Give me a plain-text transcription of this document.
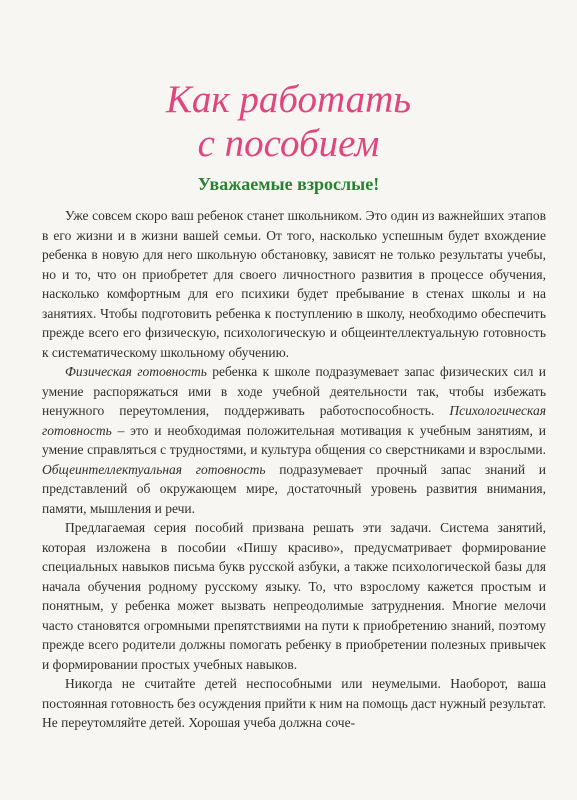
Как работать
с пособием
Уважаемые взрослые!

Уже совсем скоро ваш ребенок станет школьником. Это один из важнейших этапов в его жизни и в жизни вашей семьи. От того, насколько успешным будет вхождение ребенка в новую для него школьную обстановку, зависят не только результаты учебы, но и то, что он приобретет для своего личностного развития в процессе обучения, насколько комфортным для его психики будет пребывание в стенах школы и на занятиях. Чтобы подготовить ребенка к поступлению в школу, необходимо обеспечить прежде всего его физическую, психологическую и общеинтеллектуальную готовность к систематическому школьному обучению.

Физическая готовность ребенка к школе подразумевает запас физических сил и умение распоряжаться ими в ходе учебной деятельности так, чтобы избежать ненужного переутомления, поддерживать работоспособность. Психологическая готовность – это и необходимая положительная мотивация к учебным занятиям, и умение справляться с трудностями, и культура общения со сверстниками и взрослыми. Общеинтеллектуальная готовность подразумевает прочный запас знаний и представлений об окружающем мире, достаточный уровень развития внимания, памяти, мышления и речи.

Предлагаемая серия пособий призвана решать эти задачи. Система занятий, которая изложена в пособии «Пишу красиво», предусматривает формирование специальных навыков письма букв русской азбуки, а также психологической базы для начала обучения родному русскому языку. То, что взрослому кажется простым и понятным, у ребенка может вызвать непреодолимые затруднения. Многие мелочи часто становятся огромными препятствиями на пути к приобретению знаний, поэтому прежде всего родители должны помогать ребенку в приобретении полезных привычек и формировании простых учебных навыков.

Никогда не считайте детей неспособными или неумелыми. Наоборот, ваша постоянная готовность без осуждения прийти к ним на помощь даст нужный результат. Не переутомляйте детей. Хорошая учеба должна соче-
